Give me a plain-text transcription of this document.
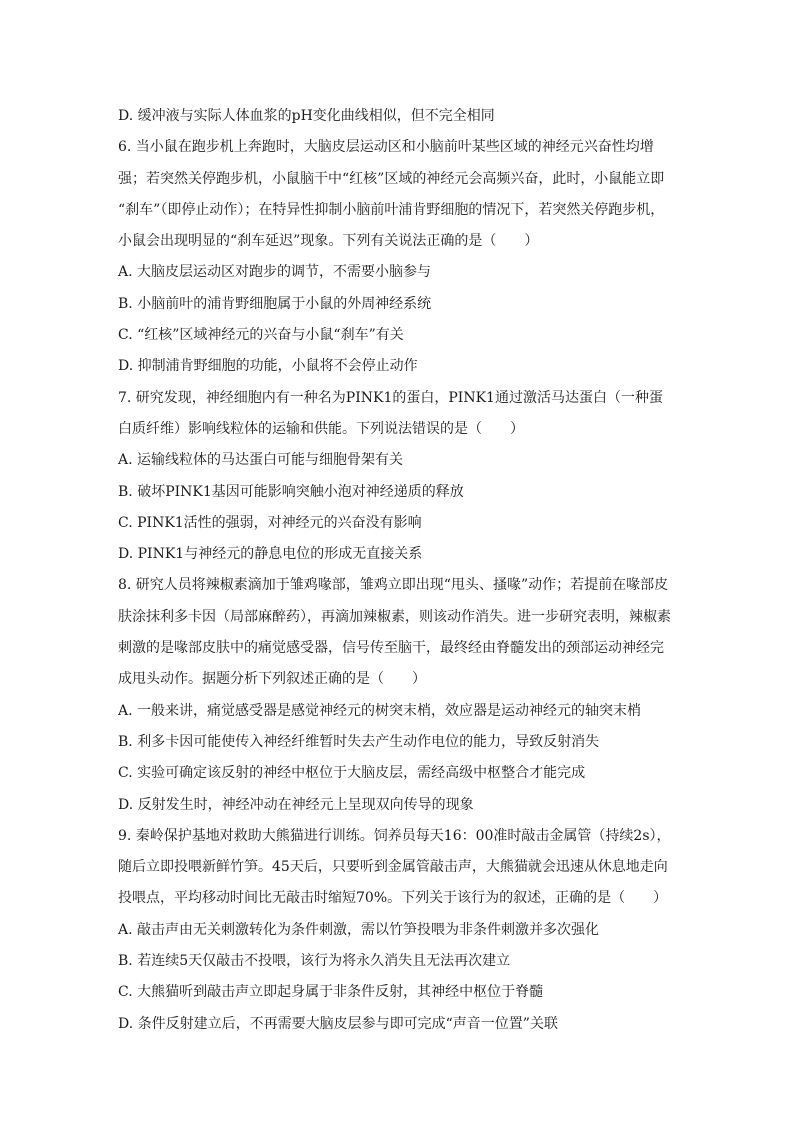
D. 缓冲液与实际人体血浆的pH变化曲线相似，但不完全相同
6. 当小鼠在跑步机上奔跑时，大脑皮层运动区和小脑前叶某些区域的神经元兴奋性均增
强；若突然关停跑步机，小鼠脑干中“红核”区域的神经元会高频兴奋，此时，小鼠能立即
“刹车”（即停止动作）；在特异性抑制小脑前叶浦肯野细胞的情况下，若突然关停跑步机，
小鼠会出现明显的“刹车延迟”现象。下列有关说法正确的是（　　）
A. 大脑皮层运动区对跑步的调节，不需要小脑参与
B. 小脑前叶的浦肯野细胞属于小鼠的外周神经系统
C. “红核”区域神经元的兴奋与小鼠“刹车”有关
D. 抑制浦肯野细胞的功能，小鼠将不会停止动作
7. 研究发现，神经细胞内有一种名为PINK1的蛋白，PINK1通过激活马达蛋白（一种蛋
白质纤维）影响线粒体的运输和供能。下列说法错误的是（　　）
A. 运输线粒体的马达蛋白可能与细胞骨架有关
B. 破坏PINK1基因可能影响突触小泡对神经递质的释放
C. PINK1活性的强弱，对神经元的兴奋没有影响
D. PINK1与神经元的静息电位的形成无直接关系
8. 研究人员将辣椒素滴加于雏鸡喙部，雏鸡立即出现“甩头、搔喙”动作；若提前在喙部皮
肤涂抹利多卡因（局部麻醉药），再滴加辣椒素，则该动作消失。进一步研究表明，辣椒素
刺激的是喙部皮肤中的痛觉感受器，信号传至脑干，最终经由脊髓发出的颈部运动神经完
成甩头动作。据题分析下列叙述正确的是（　　）
A. 一般来讲，痛觉感受器是感觉神经元的树突末梢，效应器是运动神经元的轴突末梢
B. 利多卡因可能使传入神经纤维暂时失去产生动作电位的能力，导致反射消失
C. 实验可确定该反射的神经中枢位于大脑皮层，需经高级中枢整合才能完成
D. 反射发生时，神经冲动在神经元上呈现双向传导的现象
9. 秦岭保护基地对救助大熊猫进行训练。饲养员每天16：00准时敲击金属管（持续2s），
随后立即投喂新鲜竹笋。45天后，只要听到金属管敲击声，大熊猫就会迅速从休息地走向
投喂点，平均移动时间比无敲击时缩短70%。下列关于该行为的叙述，正确的是（　　）
A. 敲击声由无关刺激转化为条件刺激，需以竹笋投喂为非条件刺激并多次强化
B. 若连续5天仅敲击不投喂，该行为将永久消失且无法再次建立
C. 大熊猫听到敲击声立即起身属于非条件反射，其神经中枢位于脊髓
D. 条件反射建立后，不再需要大脑皮层参与即可完成“声音一位置”关联
